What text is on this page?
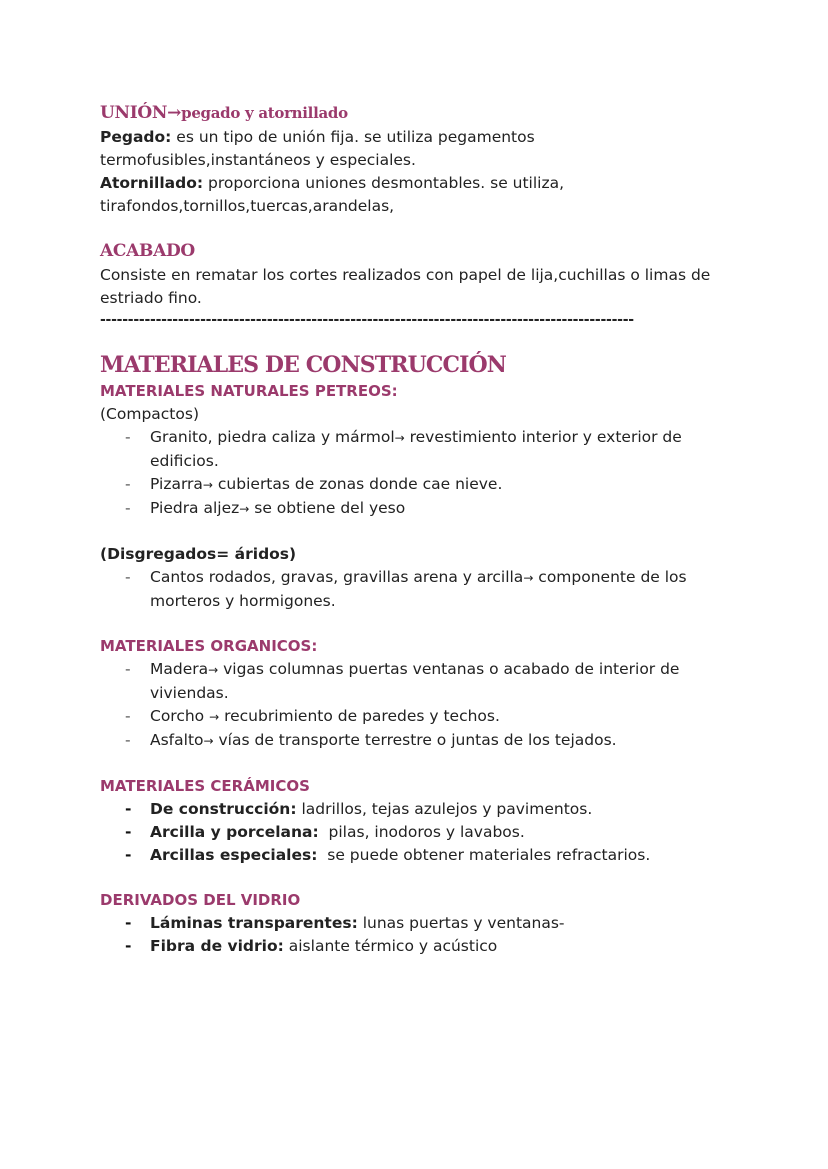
UNIÓN→pegado y atornillado

Pegado: es un tipo de unión fija. se utiliza pegamentos termofusibles,instantáneos y especiales.

Atornillado: proporciona uniones desmontables. se utiliza, tirafondos,tornillos,tuercas,arandelas,

ACABADO

Consiste en rematar los cortes realizados con papel de lija,cuchillas o limas de estriado fino.

------------------------------------------------------------------------------------------------
MATERIALES DE CONSTRUCCIÓN
MATERIALES NATURALES PETREOS:

(Compactos)

- Granito, piedra caliza y mármol→ revestimiento interior y exterior de edificios.
- Pizarra→ cubiertas de zonas donde cae nieve.
- Piedra aljez→ se obtiene del yeso

(Disgregados= áridos)

- Cantos rodados, gravas, gravillas arena y arcilla→ componente de los morteros y hormigones.
MATERIALES ORGANICOS:
- Madera→ vigas columnas puertas ventanas o acabado de interior de viviendas.
- Corcho → recubrimiento de paredes y techos.
- Asfalto→ vías de transporte terrestre o juntas de los tejados.
MATERIALES CERÁMICOS
- De construcción: ladrillos, tejas azulejos y pavimentos.
- Arcilla y porcelana:  pilas, inodoros y lavabos.
- Arcillas especiales:  se puede obtener materiales refractarios.
DERIVADOS DEL VIDRIO
- Láminas transparentes: lunas puertas y ventanas-
- Fibra de vidrio: aislante térmico y acústico
